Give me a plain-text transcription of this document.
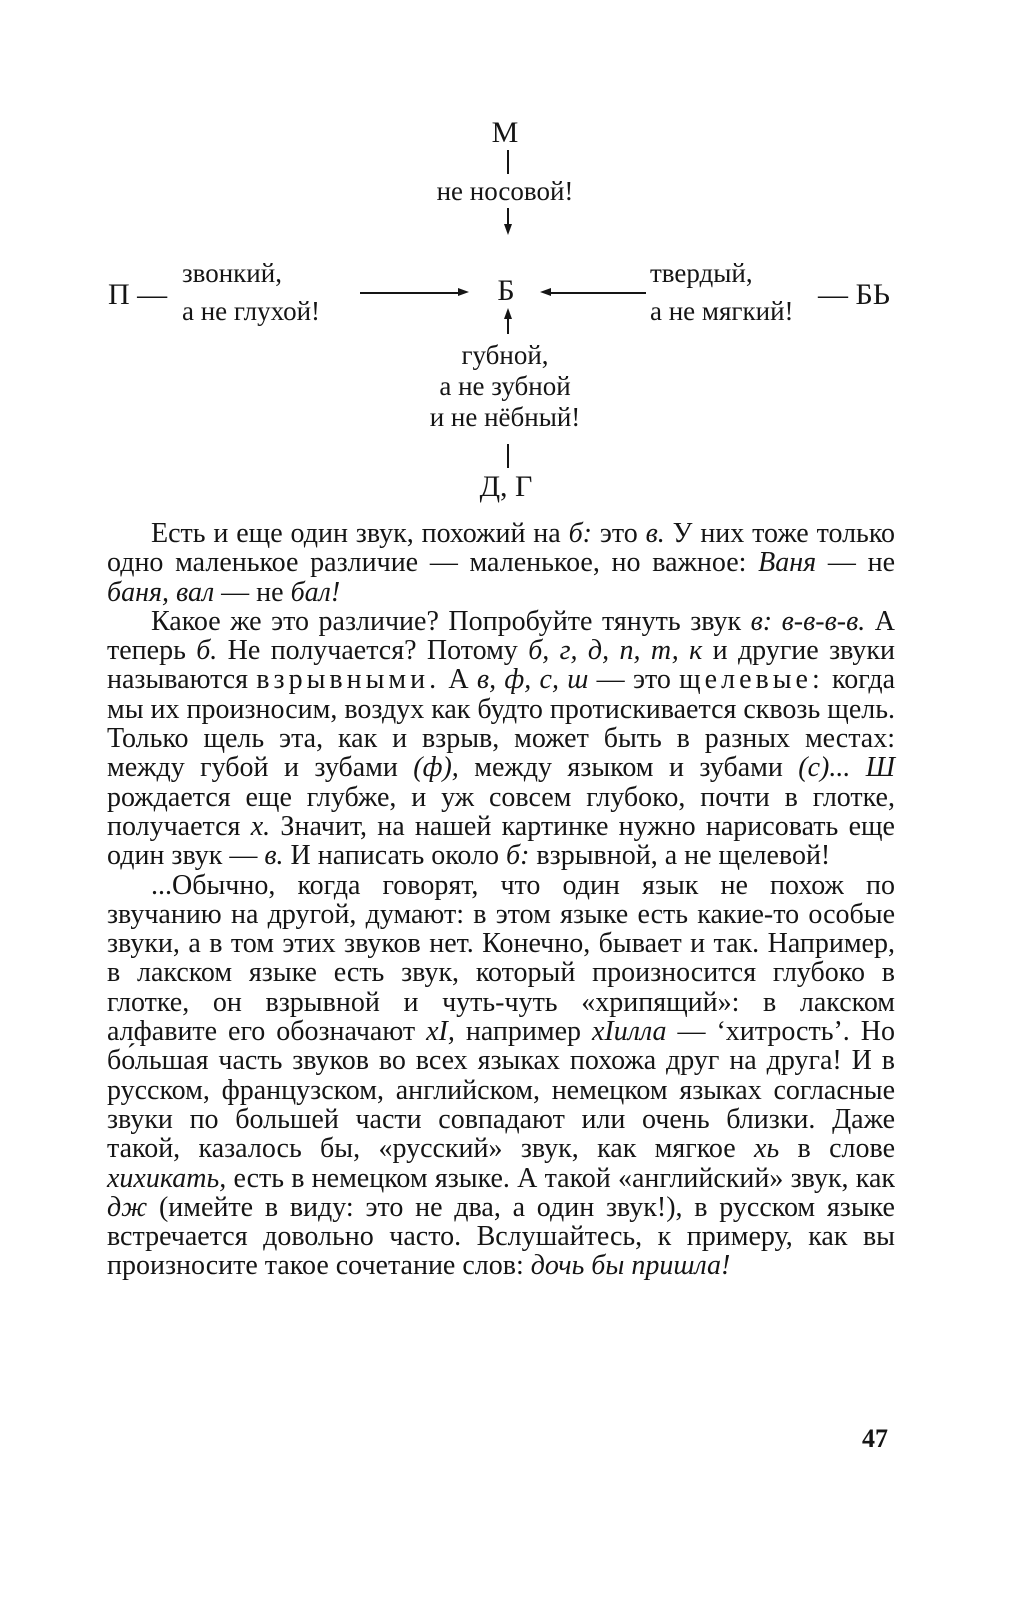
М
не носовой!
П —
звонкий,
а не глухой!
Б
твердый,
а не мягкий! — БЬ
губной,
а не зубной
и не нёбный!
Д, Г

Есть и еще один звук, похожий на б: это в. У них тоже только одно маленькое различие — маленькое, но важное: Ваня — не баня, вал — не бал!

Какое же это различие? Попробуйте тянуть звук в: в-в-в-в. А теперь б. Не получается? Потому б, г, д, п, т, к и другие звуки называются взрывными. А в, ф, с, ш — это щелевые: когда мы их произносим, воздух как будто протискивается сквозь щель. Только щель эта, как и взрыв, может быть в разных местах: между губой и зубами (ф), между языком и зубами (с)... Ш рождается еще глубже, и уж совсем глубоко, почти в глотке, получается х. Значит, на нашей картинке нужно нарисовать еще один звук — в. И написать около б: взрывной, а не щелевой!

...Обычно, когда говорят, что один язык не похож по звучанию на другой, думают: в этом языке есть какие-то особые звуки, а в том этих звуков нет. Конечно, бывает и так. Например, в лакском языке есть звук, который произносится глубоко в глотке, он взрывной и чуть-чуть «хрипящий»: в лакском алфавите его обозначают xI, например xIилла — ‘хитрость’. Но бо́льшая часть звуков во всех языках похожа друг на друга! И в русском, французском, английском, немецком языках согласные звуки по большей части совпадают или очень близки. Даже такой, казалось бы, «русский» звук, как мягкое хь в слове хихикать, есть в немецком языке. А такой «английский» звук, как дж (имейте в виду: это не два, а один звук!), в русском языке встречается довольно часто. Вслушайтесь, к примеру, как вы произносите такое сочетание слов: дочь бы пришла!

47
